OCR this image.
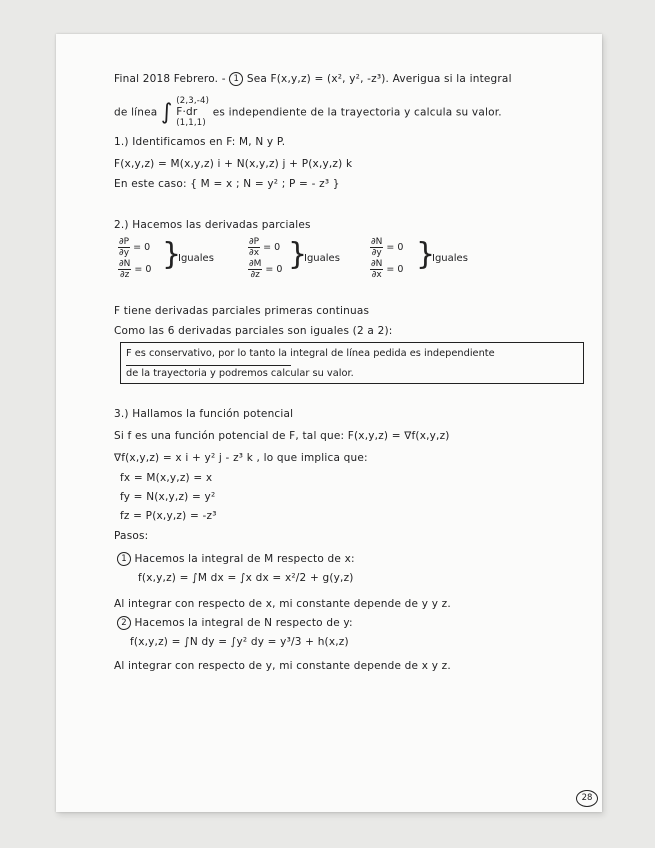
Final 2018 Febrero. - 1 Sea F(x,y,z) = (x², y², -z³). Averigua si la integral
de línea ∫ (2,3,-4)
F·dr
(1,1,1)
es independiente de la trayectoria y calcula su valor.
1.) Identificamos en F: M, N y P.
F(x,y,z) = M(x,y,z) i + N(x,y,z) j + P(x,y,z) k
En este caso: { M = x ; N = y² ; P = - z³ }
2.) Hacemos las derivadas parciales
$\frac{\partial P}{\partial y} = 0$
$\frac{\partial N}{\partial z} = 0$ }
Iguales
$\frac{\partial P}{\partial x} = 0$
$\frac{\partial M}{\partial z} = 0$ }
Iguales
$\frac{\partial N}{\partial y} = 0$
$\frac{\partial N}{\partial x} = 0$ }
Iguales
F tiene derivadas parciales primeras continuas
Como las 6 derivadas parciales son iguales (2 a 2):
F es conservativo, por lo tanto la integral de línea pedida es independiente
de la trayectoria y podremos calcular su valor.
3.) Hallamos la función potencial
Si f es una función potencial de F, tal que: F(x,y,z) = ∇f(x,y,z)
∇f(x,y,z) = x i + y² j - z³ k , lo que implica que:
fx = M(x,y,z) = x
fy = N(x,y,z) = y²
fz = P(x,y,z) = -z³
Pasos:
1 Hacemos la integral de M respecto de x:
f(x,y,z) = ∫M dx = ∫x dx = x²/2 + g(y,z)
Al integrar con respecto de x, mi constante depende de y y z.
2 Hacemos la integral de N respecto de y:
f(x,y,z) = ∫N dy = ∫y² dy = y³/3 + h(x,z)
Al integrar con respecto de y, mi constante depende de x y z.
28
